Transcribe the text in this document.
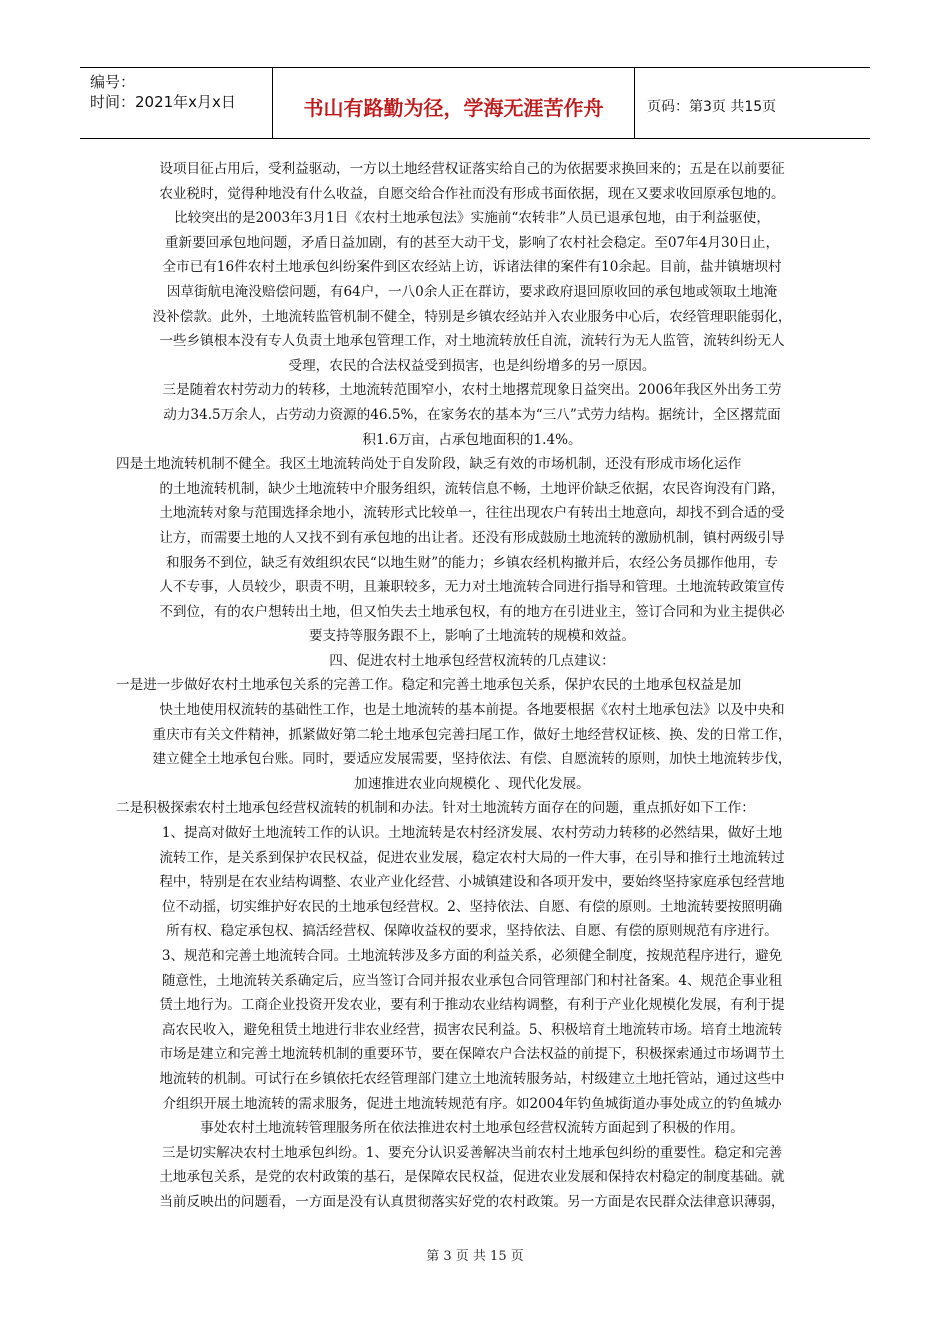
编号：
时间：2021年x月x日	书山有路勤为径，学海无涯苦作舟	页码：第3页 共15页

设项目征占用后，受利益驱动，一方以土地经营权证落实给自己的为依据要求换回来的；五是在以前要征

农业税时，觉得种地没有什么收益，自愿交给合作社而没有形成书面依据，现在又要求收回原承包地的。

比较突出的是2003年3月1日《农村土地承包法》实施前“农转非”人员已退承包地，由于利益驱使，

重新要回承包地问题，矛盾日益加剧，有的甚至大动干戈，影响了农村社会稳定。至07年4月30日止，

全市已有16件农村土地承包纠纷案件到区农经站上访，诉诸法律的案件有10余起。目前，盐井镇塘坝村

因草街航电淹没赔偿问题，有64户，一八0余人正在群访，要求政府退回原收回的承包地或领取土地淹

没补偿款。此外，土地流转监管机制不健全，特别是乡镇农经站并入农业服务中心后，农经管理职能弱化，

一些乡镇根本没有专人负责土地承包管理工作，对土地流转放任自流，流转行为无人监管，流转纠纷无人

受理，农民的合法权益受到损害，也是纠纷增多的另一原因。

三是随着农村劳动力的转移，土地流转范围窄小，农村土地撂荒现象日益突出。2006年我区外出务工劳

动力34.5万余人，占劳动力资源的46.5%，在家务农的基本为“三八”式劳力结构。据统计，全区撂荒面

积1.6万亩，占承包地面积的1.4%。

四是土地流转机制不健全。我区土地流转尚处于自发阶段，缺乏有效的市场机制，还没有形成市场化运作

的土地流转机制，缺少土地流转中介服务组织，流转信息不畅，土地评价缺乏依据，农民咨询没有门路，

土地流转对象与范围选择余地小，流转形式比较单一，往往出现农户有转出土地意向，却找不到合适的受

让方，而需要土地的人又找不到有承包地的出让者。还没有形成鼓励土地流转的激励机制，镇村两级引导

和服务不到位，缺乏有效组织农民“以地生财”的能力；乡镇农经机构撤并后，农经公务员挪作他用，专

人不专事，人员较少，职责不明，且兼职较多，无力对土地流转合同进行指导和管理。土地流转政策宣传

不到位，有的农户想转出土地，但又怕失去土地承包权，有的地方在引进业主，签订合同和为业主提供必

要支持等服务跟不上，影响了土地流转的规模和效益。

四、促进农村土地承包经营权流转的几点建议：

一是进一步做好农村土地承包关系的完善工作。稳定和完善土地承包关系，保护农民的土地承包权益是加

快土地使用权流转的基础性工作，也是土地流转的基本前提。各地要根据《农村土地承包法》以及中央和

重庆市有关文件精神，抓紧做好第二轮土地承包完善扫尾工作，做好土地经营权证核、换、发的日常工作，

建立健全土地承包台账。同时，要适应发展需要，坚持依法、有偿、自愿流转的原则，加快土地流转步伐，

加速推进农业向规模化 、现代化发展。

二是积极探索农村土地承包经营权流转的机制和办法。针对土地流转方面存在的问题，重点抓好如下工作：

1、提高对做好土地流转工作的认识。土地流转是农村经济发展、农村劳动力转移的必然结果，做好土地

流转工作，是关系到保护农民权益，促进农业发展，稳定农村大局的一件大事，在引导和推行土地流转过

程中，特别是在农业结构调整、农业产业化经营、小城镇建设和各项开发中，要始终坚持家庭承包经营地

位不动摇，切实维护好农民的土地承包经营权。2、坚持依法、自愿、有偿的原则。土地流转要按照明确

所有权、稳定承包权、搞活经营权、保障收益权的要求，坚持依法、自愿、有偿的原则规范有序进行。

3、规范和完善土地流转合同。土地流转涉及多方面的利益关系，必须健全制度，按规范程序进行，避免

随意性，土地流转关系确定后，应当签订合同并报农业承包合同管理部门和村社备案。4、规范企事业租

赁土地行为。工商企业投资开发农业，要有利于推动农业结构调整，有利于产业化规模化发展，有利于提

高农民收入，避免租赁土地进行非农业经营，损害农民利益。5、积极培育土地流转市场。培育土地流转

市场是建立和完善土地流转机制的重要环节，要在保障农户合法权益的前提下，积极探索通过市场调节土

地流转的机制。可试行在乡镇依托农经管理部门建立土地流转服务站，村级建立土地托管站，通过这些中

介组织开展土地流转的需求服务，促进土地流转规范有序。如2004年钓鱼城街道办事处成立的钓鱼城办

事处农村土地流转管理服务所在依法推进农村土地承包经营权流转方面起到了积极的作用。

三是切实解决农村土地承包纠纷。1、要充分认识妥善解决当前农村土地承包纠纷的重要性。稳定和完善

土地承包关系，是党的农村政策的基石，是保障农民权益，促进农业发展和保持农村稳定的制度基础。就

当前反映出的问题看，一方面是没有认真贯彻落实好党的农村政策。另一方面是农民群众法律意识薄弱，

第 3 页 共 15 页
